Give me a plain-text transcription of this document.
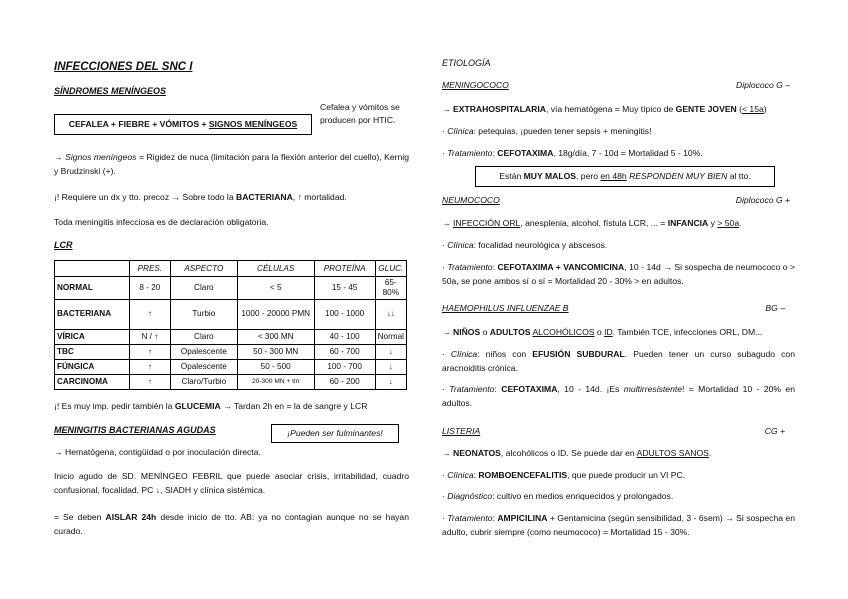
INFECCIONES DEL SNC I
SÍNDROMES MENÍNGEOS
CEFALEA + FIEBRE + VÓMITOS + SIGNOS MENÍNGEOS
Cefalea y vómitos se producen por HTIC.
→ Signos meníngeos = Rigidez de nuca (limitación para la flexión anterior del cuello), Kernig y Brudzinski (+).
¡! Requiere un dx y tto. precoz → Sobre todo la BACTERIANA, ↑ mortalidad.
Toda meningitis infecciosa es de declaración obligatoria.
LCR
	PRES.	ASPECTO	CÉLULAS	PROTEÍNA	GLUC.
NORMAL	8 - 20	Claro	< 5	15 - 45	65-80%
BACTERIANA	↑	Turbio	1000 - 20000 PMN	100 - 1000	↓↓
VÍRICA	N / ↑	Claro	< 300 MN	40 - 100	Normal
TBC	↑	Opalescente	50 - 300 MN	60 - 700	↓
FÚNGICA	↑	Opalescente	50 - 500	100 - 700	↓
CARCINOMA	↑	Claro/Turbio	20-300 MN + tm	60 - 200	↓
¡! Es muy imp. pedir también la GLUCEMIA → Tardan 2h en = la de sangre y LCR
MENINGITIS BACTERIANAS AGUDAS	¡Pueden ser fulminantes!
→ Hematógena, contigüidad o por inoculación directa.
Inicio agudo de SD. MENÍNGEO FEBRIL que puede asociar crisis, irritabilidad, cuadro confusional, focalidad, PC ↓, SIADH y clínica sistémica.
= Se deben AISLAR 24h desde inicio de tto. AB: ya no contagian aunque no se hayan curado.
ETIOLOGÍA
MENINGOCOCO	Diplococo G –
→ EXTRAHOSPITALARIA, vía hematógena = Muy típico de GENTE JOVEN (< 15a)
· Clínica: petequias, ¡pueden tener sepsis + meningitis!
· Tratamiento: CEFOTAXIMA, 18g/día, 7 - 10d = Mortalidad 5 - 10%.
Están MUY MALOS, pero en 48h RESPONDEN MUY BIEN al tto.
NEUMOCOCO	Diplococo G +
→ INFECCIÓN ORL, anesplenia, alcohol, fístula LCR, ... = INFANCIA y > 50a.
· Clínica: focalidad neurológica y abscesos.
· Tratamiento: CEFOTAXIMA + VANCOMICINA, 10 - 14d → Si sospecha de neumococo o > 50a, se pone ambos sí o sí = Mortalidad 20 - 30% > en adultos.
HAEMOPHILUS INFLUENZAE B	BG –
→ NIÑOS o ADULTOS ALCOHÓLICOS o ID. También TCE, infecciones ORL, DM...
· Clínica: niños con EFUSIÓN SUBDURAL. Pueden tener un curso subagudo con aracnoiditis crónica.
· Tratamiento: CEFOTAXIMA, 10 - 14d. ¡Es multirresistente! = Mortalidad 10 - 20% en adultos.
LISTERIA	CG +
→ NEONATOS, alcohólicos o ID. Se puede dar en ADULTOS SANOS.
· Clínica: ROMBOENCEFALITIS, que puede producir un VI PC.
· Diagnóstico: cultivo en medios enriquecidos y prolongados.
· Tratamiento: AMPICILINA + Gentamicina (según sensibilidad, 3 - 6sem) → Si sospecha en adulto, cubrir siempre (como neumococo) = Mortalidad 15 - 30%.
